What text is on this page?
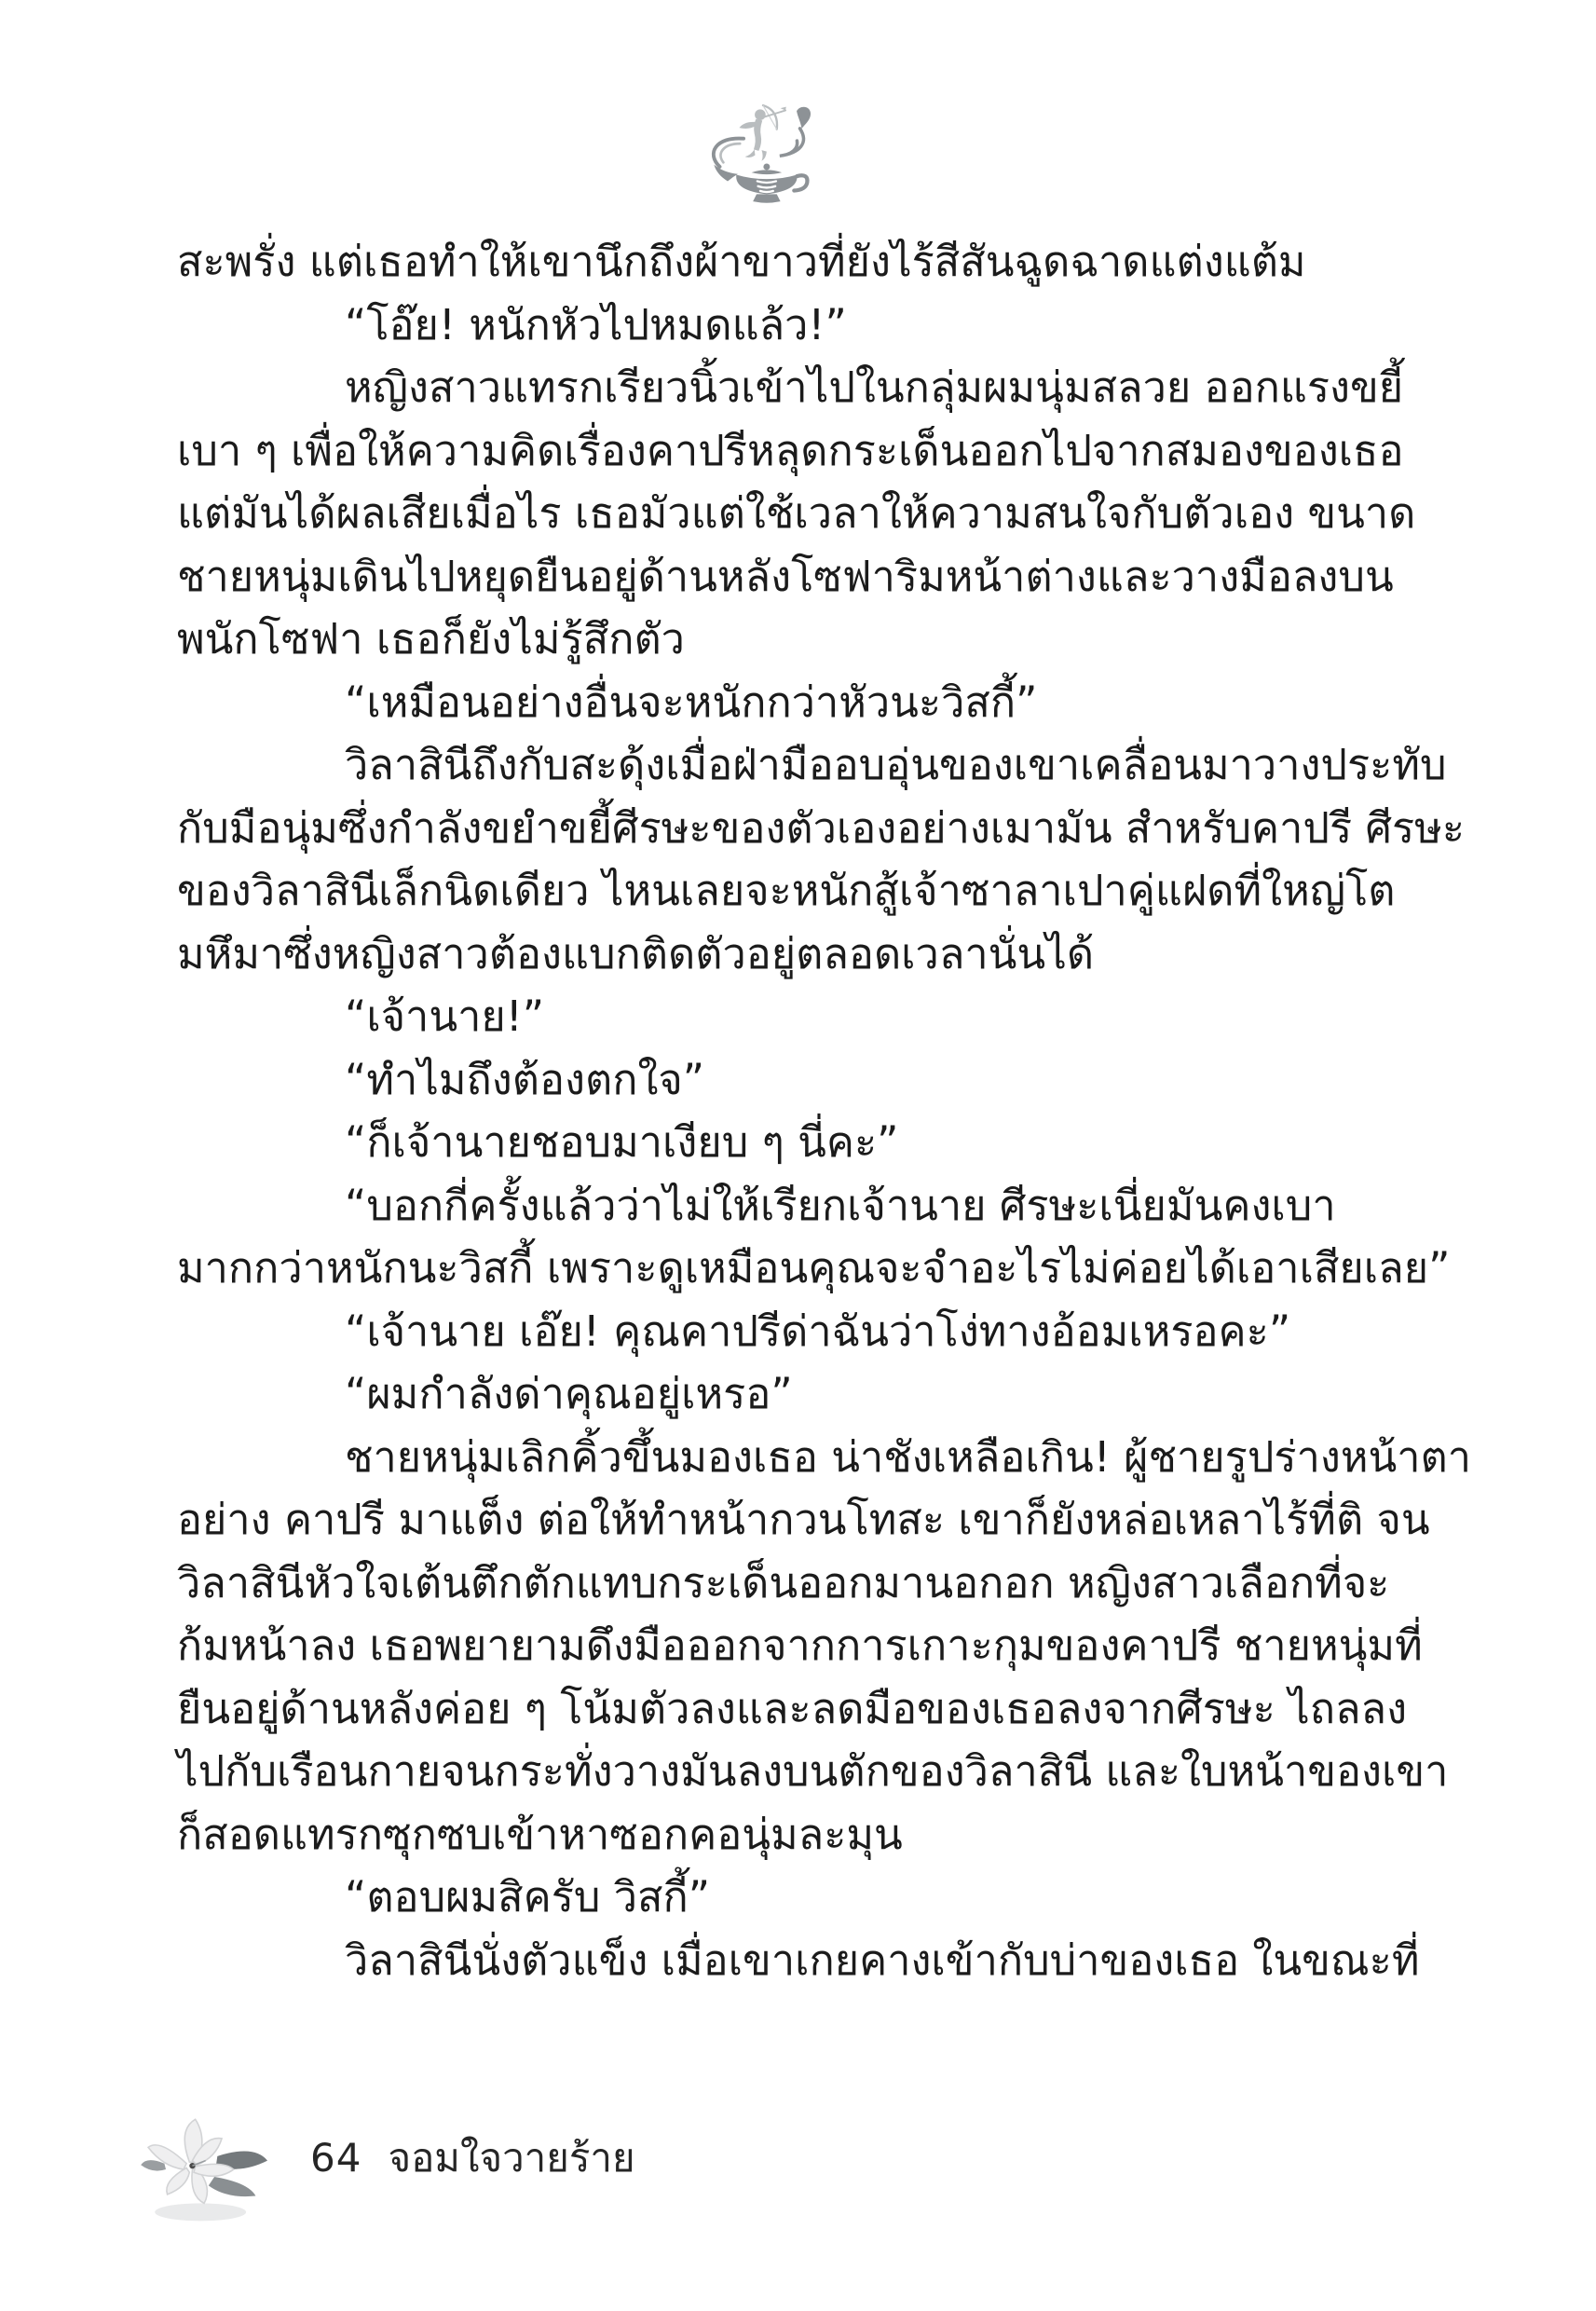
สะพรั่ง แต่เธอทำให้เขานึกถึงผ้าขาวที่ยังไร้สีสันฉูดฉาดแต่งแต้ม
“โอ๊ย! หนักหัวไปหมดแล้ว!”
หญิงสาวแทรกเรียวนิ้วเข้าไปในกลุ่มผมนุ่มสลวย ออกแรงขยี้
เบา ๆ เพื่อให้ความคิดเรื่องคาปรีหลุดกระเด็นออกไปจากสมองของเธอ
แต่มันได้ผลเสียเมื่อไร เธอมัวแต่ใช้เวลาให้ความสนใจกับตัวเอง ขนาด
ชายหนุ่มเดินไปหยุดยืนอยู่ด้านหลังโซฟาริมหน้าต่างและวางมือลงบน
พนักโซฟา เธอก็ยังไม่รู้สึกตัว
“เหมือนอย่างอื่นจะหนักกว่าหัวนะวิสกี้”
วิลาสินีถึงกับสะดุ้งเมื่อฝ่ามืออบอุ่นของเขาเคลื่อนมาวางประทับ
กับมือนุ่มซึ่งกำลังขยำขยี้ศีรษะของตัวเองอย่างเมามัน สำหรับคาปรี ศีรษะ
ของวิลาสินีเล็กนิดเดียว ไหนเลยจะหนักสู้เจ้าซาลาเปาคู่แฝดที่ใหญ่โต
มหึมาซึ่งหญิงสาวต้องแบกติดตัวอยู่ตลอดเวลานั่นได้
“เจ้านาย!”
“ทำไมถึงต้องตกใจ”
“ก็เจ้านายชอบมาเงียบ ๆ นี่คะ”
“บอกกี่ครั้งแล้วว่าไม่ให้เรียกเจ้านาย ศีรษะเนี่ยมันคงเบา
มากกว่าหนักนะวิสกี้ เพราะดูเหมือนคุณจะจำอะไรไม่ค่อยได้เอาเสียเลย”
“เจ้านาย เอ๊ย! คุณคาปรีด่าฉันว่าโง่ทางอ้อมเหรอคะ”
“ผมกำลังด่าคุณอยู่เหรอ”
ชายหนุ่มเลิกคิ้วขึ้นมองเธอ น่าชังเหลือเกิน! ผู้ชายรูปร่างหน้าตา
อย่าง คาปรี มาแต็ง ต่อให้ทำหน้ากวนโทสะ เขาก็ยังหล่อเหลาไร้ที่ติ จน
วิลาสินีหัวใจเต้นตึกตักแทบกระเด็นออกมานอกอก หญิงสาวเลือกที่จะ
ก้มหน้าลง เธอพยายามดึงมือออกจากการเกาะกุมของคาปรี ชายหนุ่มที่
ยืนอยู่ด้านหลังค่อย ๆ โน้มตัวลงและลดมือของเธอลงจากศีรษะ ไถลลง
ไปกับเรือนกายจนกระทั่งวางมันลงบนตักของวิลาสินี และใบหน้าของเขา
ก็สอดแทรกซุกซบเข้าหาซอกคอนุ่มละมุน
“ตอบผมสิครับ วิสกี้”
วิลาสินีนั่งตัวแข็ง เมื่อเขาเกยคางเข้ากับบ่าของเธอ ในขณะที่
64 จอมใจวายร้าย
